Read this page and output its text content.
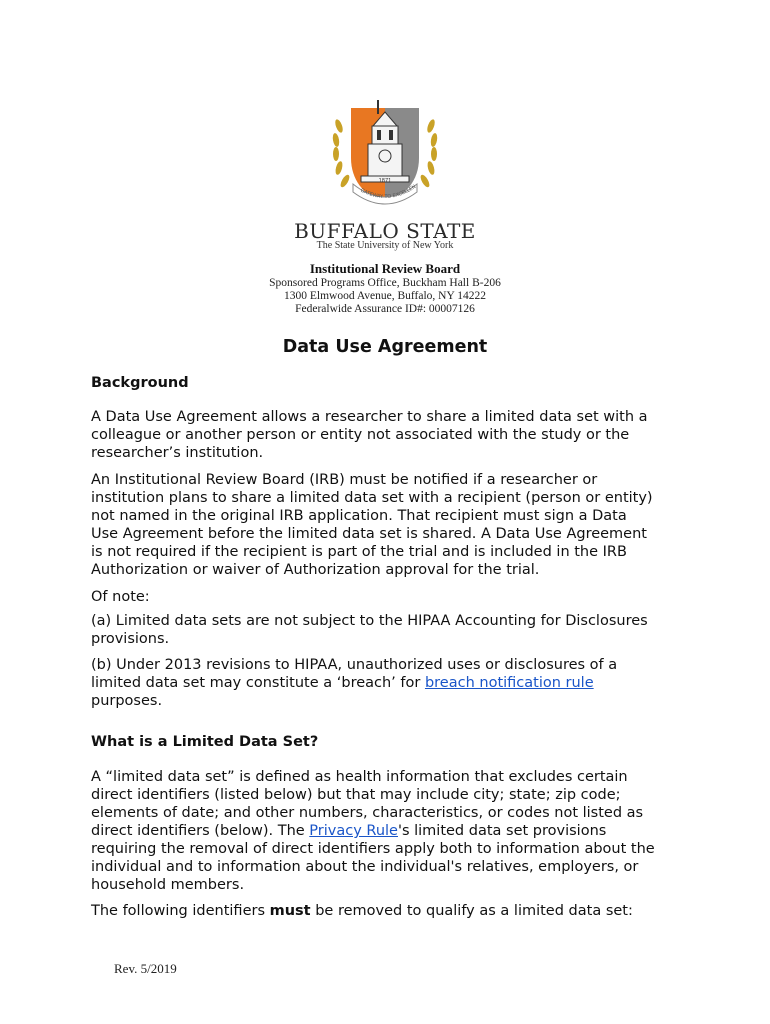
GATEWAY TO EXCELLEN
1871
BUFFALO STATE
The State University of New York
Institutional Review Board
Sponsored Programs Office, Buckham Hall B-206
1300 Elmwood Avenue, Buffalo, NY 14222
Federalwide Assurance ID#: 00007126
Data Use Agreement
Background
A Data Use Agreement allows a researcher to share a limited data set with a
colleague or another person or entity not associated with the study or the
researcher’s institution.
An Institutional Review Board (IRB) must be notified if a researcher or
institution plans to share a limited data set with a recipient (person or entity)
not named in the original IRB application. That recipient must sign a Data
Use Agreement before the limited data set is shared. A Data Use Agreement
is not required if the recipient is part of the trial and is included in the IRB
Authorization or waiver of Authorization approval for the trial.
Of note:
(a) Limited data sets are not subject to the HIPAA Accounting for Disclosures
provisions.
(b) Under 2013 revisions to HIPAA, unauthorized uses or disclosures of a
limited data set may constitute a ‘breach’ for breach notification rule
purposes.
What is a Limited Data Set?
A “limited data set” is defined as health information that excludes certain
direct identifiers (listed below) but that may include city; state; zip code;
elements of date; and other numbers, characteristics, or codes not listed as
direct identifiers (below). The Privacy Rule's limited data set provisions
requiring the removal of direct identifiers apply both to information about the
individual and to information about the individual's relatives, employers, or
household members.
The following identifiers must be removed to qualify as a limited data set:
Rev. 5/2019
